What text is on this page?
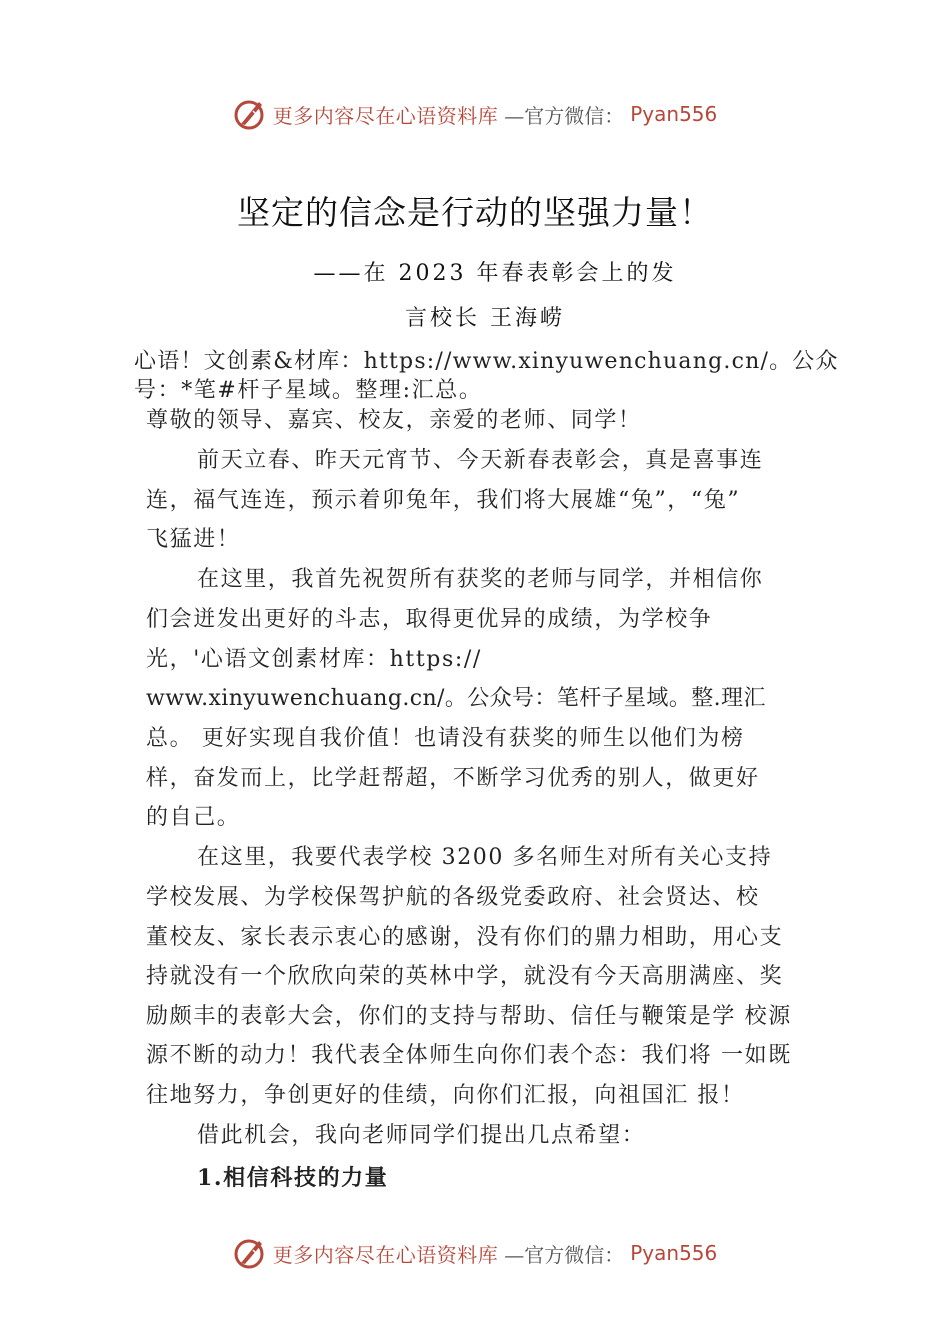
更多内容尽在心语资料库 —官方微信： Pyan556
坚定的信念是行动的坚强力量！
——在 2023 年春表彰会上的发
言校长 王海崂
心语！文创素&材库：https://www.xinyuwenchuang.cn/。公众
号：*笔#杆子星域。整理:汇总。
尊敬的领导、嘉宾、校友，亲爱的老师、同学！
前天立春、昨天元宵节、今天新春表彰会，真是喜事连
连，福气连连，预示着卯兔年，我们将大展雄“兔”，“兔”
飞猛进！
在这里，我首先祝贺所有获奖的老师与同学，并相信你
们会迸发出更好的斗志，取得更优异的成绩，为学校争
光，'心语文创素材库：https://
www.xinyuwenchuang.cn/。公众号：笔杆子星域。整.理汇
总。 更好实现自我价值！也请没有获奖的师生以他们为榜
样，奋发而上，比学赶帮超，不断学习优秀的别人，做更好
的自己。
在这里，我要代表学校 3200 多名师生对所有关心支持
学校发展、为学校保驾护航的各级党委政府、社会贤达、校
董校友、家长表示衷心的感谢，没有你们的鼎力相助，用心支
持就没有一个欣欣向荣的英林中学，就没有今天高朋满座、奖
励颇丰的表彰大会，你们的支持与帮助、信任与鞭策是学 校源
源不断的动力！我代表全体师生向你们表个态：我们将 一如既
往地努力，争创更好的佳绩，向你们汇报，向祖国汇 报！
借此机会，我向老师同学们提出几点希望：
1.相信科技的力量
更多内容尽在心语资料库 —官方微信： Pyan556
